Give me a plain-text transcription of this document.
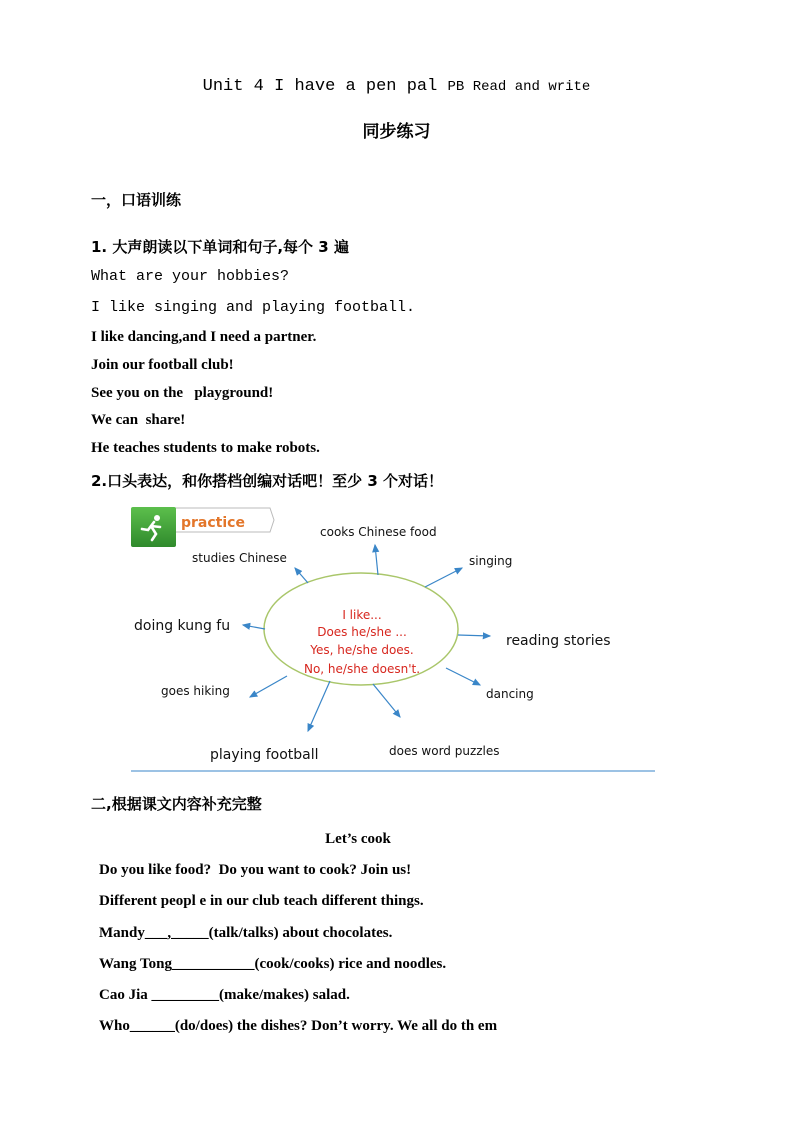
Unit 4 I have a pen pal PB Read and write
同步练习
一，口语训练
1. 大声朗读以下单词和句子,每个 3 遍
What are your hobbies?
I like singing and playing football.
I like dancing,and I need a partner.
Join our football club!
See you on the   playground!
We can  share!
He teaches students to make robots.
2.口头表达，和你搭档创编对话吧！至少 3 个对话！
practice
I like...
Does he/she ...
Yes, he/she does.
No, he/she doesn't.
cooks Chinese food
singing
reading stories
dancing
does word puzzles
playing football
goes hiking
doing kung fu
studies Chinese
二,根据课文内容补充完整
Let’s cook
Do you like food?  Do you want to cook? Join us!
Different peopl e in our club teach different things.
Mandy___,_____(talk/talks) about chocolates.
Wang Tong___________(cook/cooks) rice and noodles.
Cao Jia _________(make/makes) salad.
Who______(do/does) the dishes? Don’t worry. We all do th em
